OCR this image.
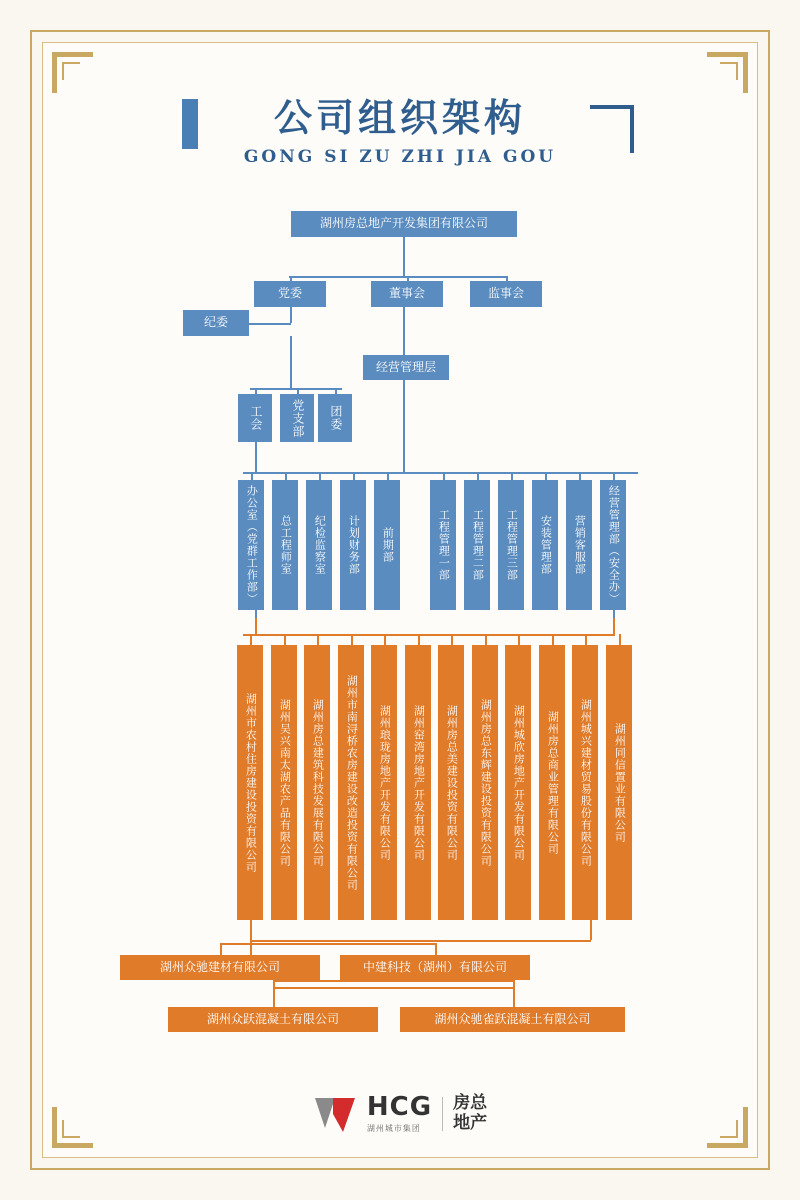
公司组织架构
GONG SI ZU ZHI JIA GOU
湖州房总地产开发集团有限公司
党委	董事会	监事会
纪委
经营管理层
工会	党支部	团委
办公室（党群工作部）	总工程师室	纪检监察室	计划财务部	前期部	工程管理一部	工程管理二部	工程管理三部	安装管理部	营销客服部	经营管理部（安全办）
湖州市农村住房建设投资有限公司	湖州吴兴南太湖农产品有限公司	湖州房总建筑科技发展有限公司	湖州市南浔桥农房建设改造投资有限公司	湖州琅珑房地产开发有限公司	湖州窑湾房地产开发有限公司	湖州房总美建设投资有限公司	湖州房总东辉建设投资有限公司	湖州城欣房地产开发有限公司	湖州房总商业管理有限公司	湖州城兴建材贸易股份有限公司	湖州同信置业有限公司
湖州众驰建材有限公司	中建科技（湖州）有限公司
湖州众跃混凝土有限公司	湖州众驰雀跃混凝土有限公司
HCG
湖州城市集团
房总
地产
